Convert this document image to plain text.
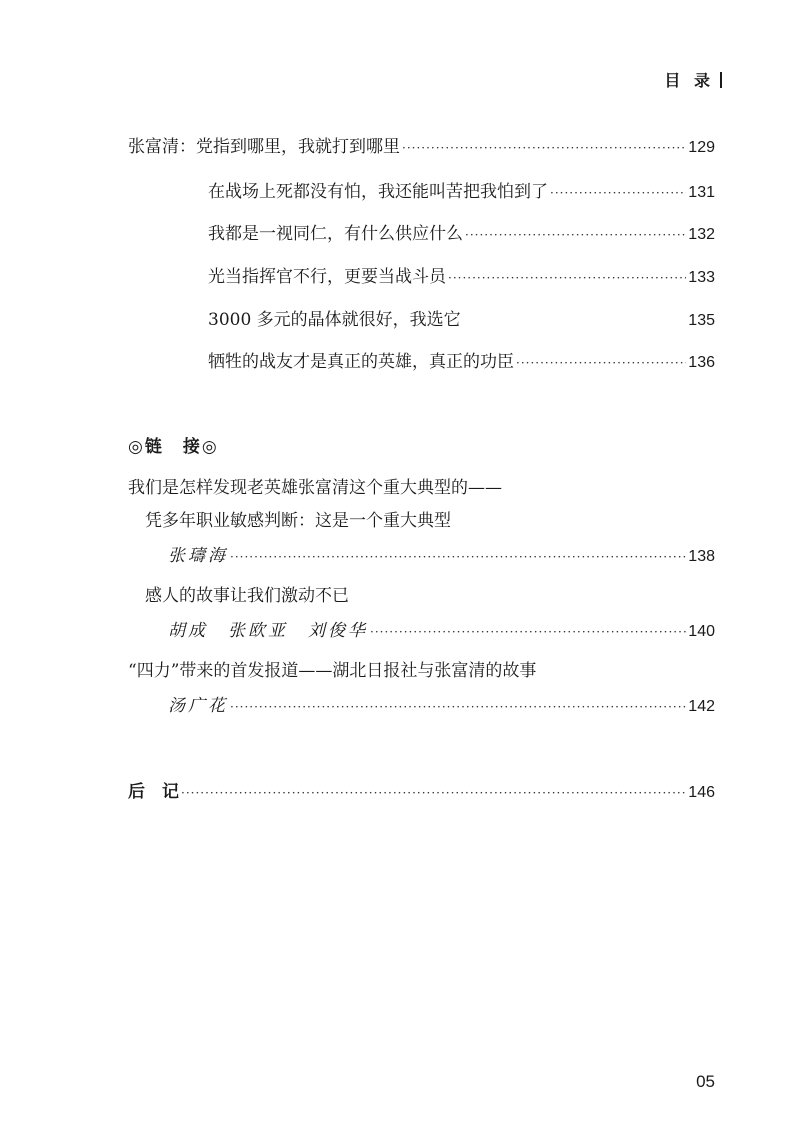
目 录
张富清： 党指到哪里，我就打到哪里 ·····	129
在战场上死都没有怕，我还能叫苦把我怕到了 ·····	131
我都是一视同仁，有什么供应什么 ·····	132
光当指挥官不行，更要当战斗员 ·····	133
3000 多元的晶体就很好，我选它	135
牺牲的战友才是真正的英雄，真正的功臣 ·····	136
◎链　接◎
我们是怎样发现老英雄张富清这个重大典型的——
凭多年职业敏感判断：这是一个重大典型
张璹海 ·····	138
感人的故事让我们激动不已
胡成　张欧亚　刘俊华 ·····	140
“四力”带来的首发报道——湖北日报社与张富清的故事
汤广花 ·····	142
后　记 ·····	146
05
